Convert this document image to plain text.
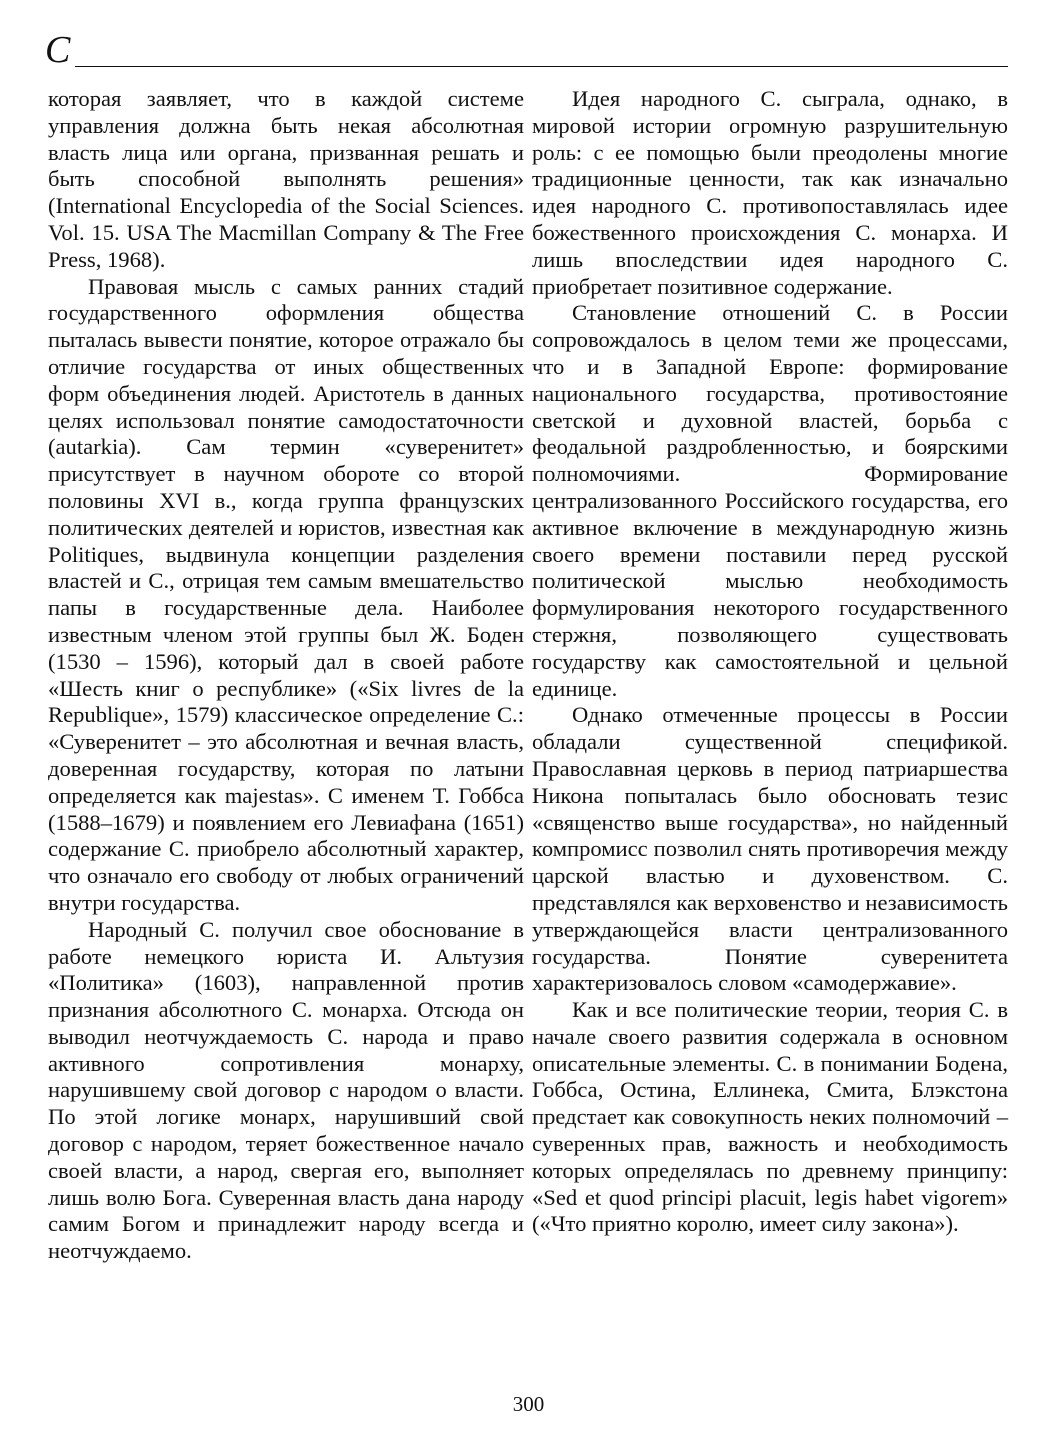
С

которая заявляет, что в каждой системе управления должна быть некая абсолютная власть лица или органа, призванная решать и быть способной выполнять решения» (International Encyclopedia of the Social Sciences. Vol. 15. USA The Macmillan Company & The Free Press, 1968).

Правовая мысль с самых ранних стадий государственного оформления общества пыталась вывести понятие, которое отражало бы отличие государства от иных общественных форм объединения людей. Аристотель в данных целях использовал понятие самодостаточности (autarkia). Сам термин «суверенитет» присутствует в научном обороте со второй половины XVI в., когда группа французских политических деятелей и юристов, известная как Politiques, выдвинула концепции разделения властей и С., отрицая тем самым вмешательство папы в государственные дела. Наиболее известным членом этой группы был Ж. Боден (1530 – 1596), который дал в своей работе «Шесть книг о республике» («Six livres de la Republique», 1579) классическое определение С.: «Суверенитет – это абсолютная и вечная власть, доверенная государству, которая по латыни определяется как majestas». С именем Т. Гоббса (1588–1679) и появлением его Левиафана (1651) содержание С. приобрело абсолютный характер, что означало его свободу от любых ограничений внутри государства.

Народный С. получил свое обоснование в работе немецкого юриста И. Альтузия «Политика» (1603), направленной против признания абсолютного С. монарха. Отсюда он выводил неотчуждаемость С. народа и право активного сопротивления монарху, нарушившему свой договор с народом о власти. По этой логике монарх, нарушивший свой договор с народом, теряет божественное начало своей власти, а народ, свергая его, выполняет лишь волю Бога. Суверенная власть дана народу самим Богом и принадлежит народу всегда и неотчуждаемо.

Идея народного С. сыграла, однако, в мировой истории огромную разрушительную роль: с ее помощью были преодолены многие традиционные ценности, так как изначально идея народного С. противопоставлялась идее божественного происхождения С. монарха. И лишь впоследствии идея народного С. приобретает позитивное содержание.

Становление отношений С. в России сопровождалось в целом теми же процессами, что и в Западной Европе: формирование национального государства, противостояние светской и духовной властей, борьба с феодальной раздробленностью, и боярскими полномочиями. Формирование централизованного Российского государства, его активное включение в международную жизнь своего времени поставили перед русской политической мыслью необходимость формулирования некоторого государственного стержня, позволяющего существовать государству как самостоятельной и цельной единице.

Однако отмеченные процессы в России обладали существенной спецификой. Православная церковь в период патриаршества Никона попыталась было обосновать тезис «священство выше государства», но найденный компромисс позволил снять противоречия между царской властью и духовенством. С. представлялся как верховенство и независимость утверждающейся власти централизованного государства. Понятие суверенитета характеризовалось словом «самодержавие».

Как и все политические теории, теория С. в начале своего развития содержала в основном описательные элементы. С. в понимании Бодена, Гоббса, Остина, Еллинека, Смита, Блэкстона предстает как совокупность неких полномочий – суверенных прав, важность и необходимость которых определялась по древнему принципу: «Sed et quod principi placuit, legis habet vigorem» («Что приятно королю, имеет силу закона»).

300
